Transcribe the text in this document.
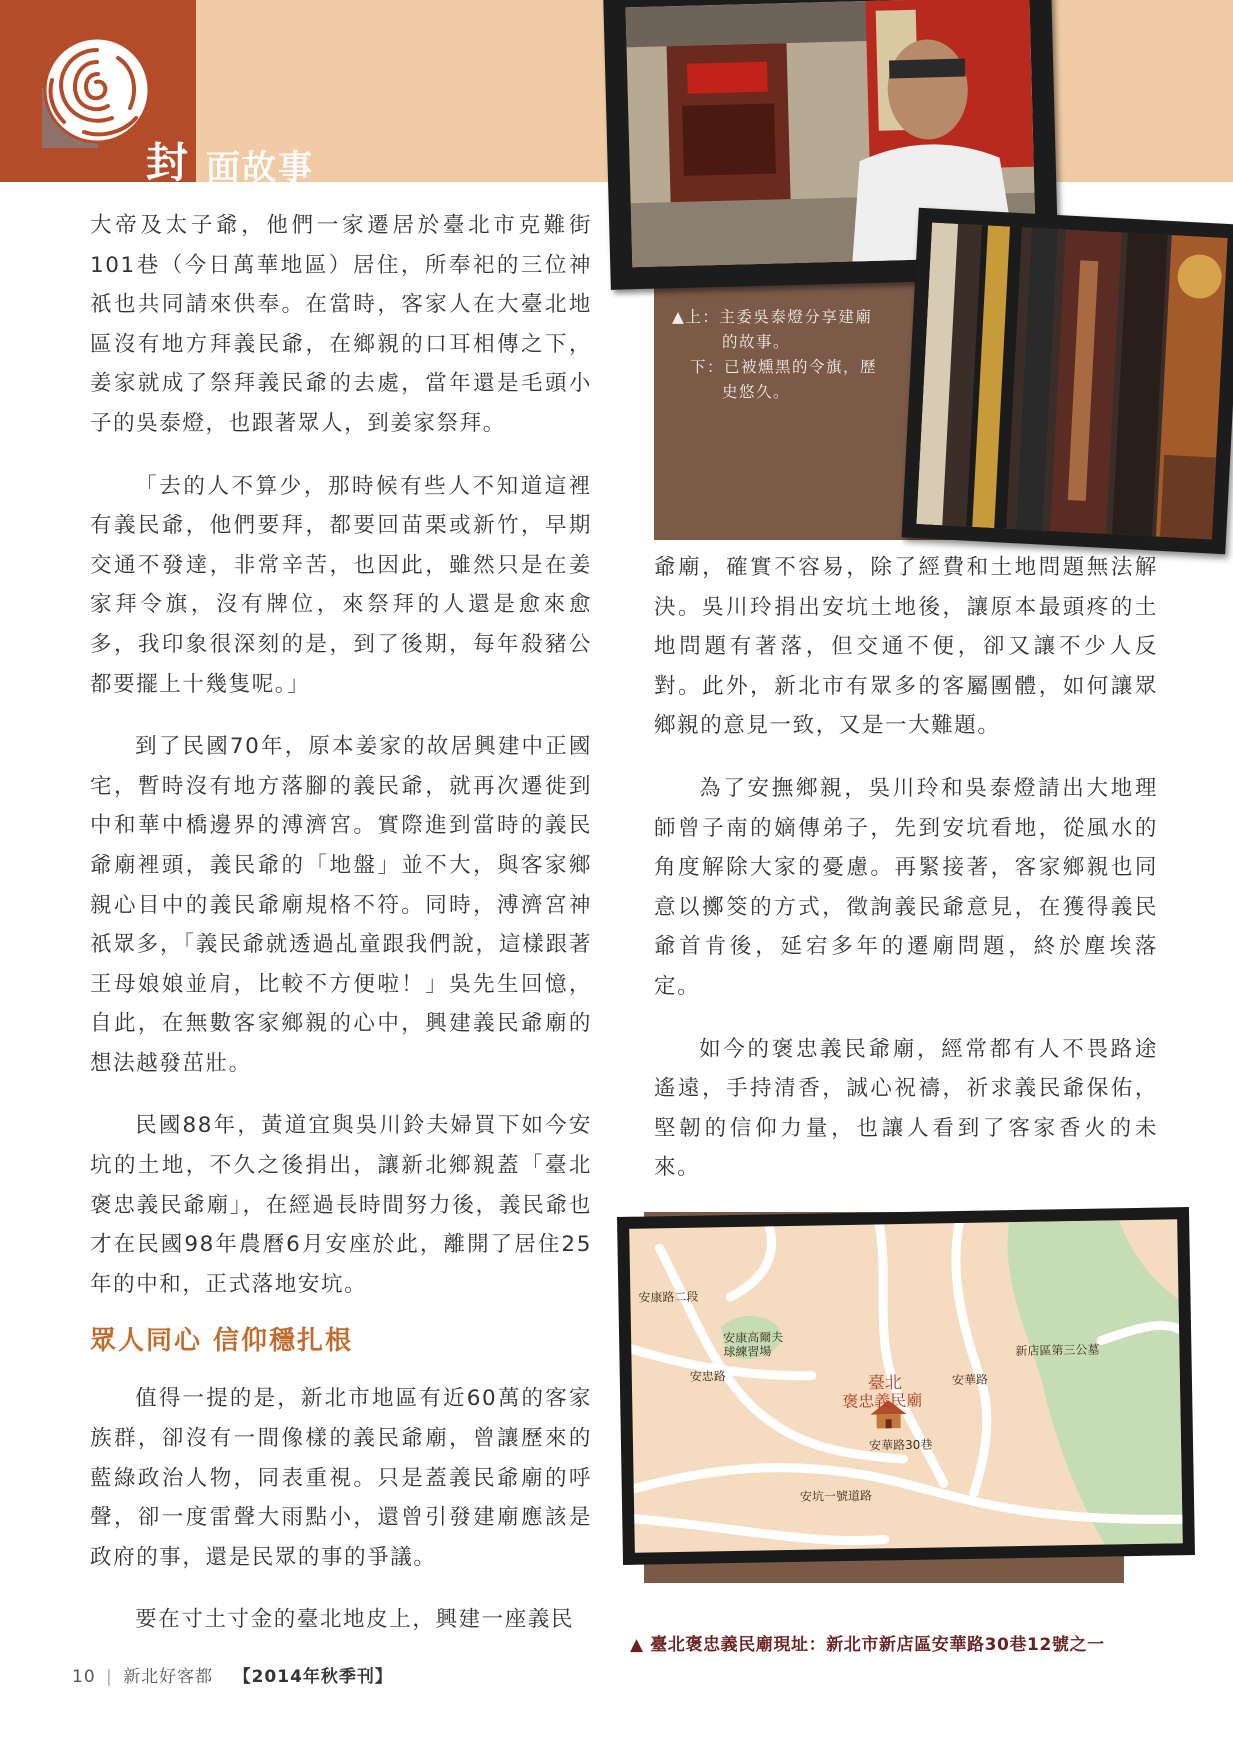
封 面故事

大帝及太子爺，他們一家遷居於臺北市克難街101巷（今日萬華地區）居住，所奉祀的三位神祇也共同請來供奉。在當時，客家人在大臺北地區沒有地方拜義民爺，在鄉親的口耳相傳之下，姜家就成了祭拜義民爺的去處，當年還是毛頭小子的吳泰燈，也跟著眾人，到姜家祭拜。

「去的人不算少，那時候有些人不知道這裡有義民爺，他們要拜，都要回苗栗或新竹，早期交通不發達，非常辛苦，也因此，雖然只是在姜家拜令旗，沒有牌位，來祭拜的人還是愈來愈多，我印象很深刻的是，到了後期，每年殺豬公都要擺上十幾隻呢。」

到了民國70年，原本姜家的故居興建中正國宅，暫時沒有地方落腳的義民爺，就再次遷徙到中和華中橋邊界的溥濟宮。實際進到當時的義民爺廟裡頭，義民爺的「地盤」並不大，與客家鄉親心目中的義民爺廟規格不符。同時，溥濟宮神祇眾多，「義民爺就透過乩童跟我們說，這樣跟著王母娘娘並肩，比較不方便啦！」吳先生回憶，自此，在無數客家鄉親的心中，興建義民爺廟的想法越發茁壯。

民國88年，黃道宜與吳川鈴夫婦買下如今安坑的土地，不久之後捐出，讓新北鄉親蓋「臺北褒忠義民爺廟」，在經過長時間努力後，義民爺也才在民國98年農曆6月安座於此，離開了居住25年的中和，正式落地安坑。

眾人同心 信仰穩扎根

值得一提的是，新北市地區有近60萬的客家族群，卻沒有一間像樣的義民爺廟，曾讓歷來的藍綠政治人物，同表重視。只是蓋義民爺廟的呼聲，卻一度雷聲大雨點小，還曾引發建廟應該是政府的事，還是民眾的事的爭議。

要在寸土寸金的臺北地皮上，興建一座義民

▲上：主委吳泰燈分享建廟
的故事。
下：已被燻黑的令旗，歷
史悠久。

爺廟，確實不容易，除了經費和土地問題無法解決。吳川玲捐出安坑土地後，讓原本最頭疼的土地問題有著落，但交通不便，卻又讓不少人反對。此外，新北市有眾多的客屬團體，如何讓眾鄉親的意見一致，又是一大難題。

為了安撫鄉親，吳川玲和吳泰燈請出大地理師曾子南的嫡傳弟子，先到安坑看地，從風水的角度解除大家的憂慮。再緊接著，客家鄉親也同意以擲筊的方式，徵詢義民爺意見，在獲得義民爺首肯後，延宕多年的遷廟問題，終於塵埃落定。

如今的褒忠義民爺廟，經常都有人不畏路途遙遠，手持清香，誠心祝禱，祈求義民爺保佑，堅韌的信仰力量，也讓人看到了客家香火的未來。

安康路二段
安康高爾夫球練習場
安忠路	安華路
新店區第三公墓
臺北
褒忠義民廟
安華路30巷
安坑一號道路
▲ 臺北褒忠義民廟現址：新北市新店區安華路30巷12號之一
10 | 新北好客都 【2014年秋季刊】
